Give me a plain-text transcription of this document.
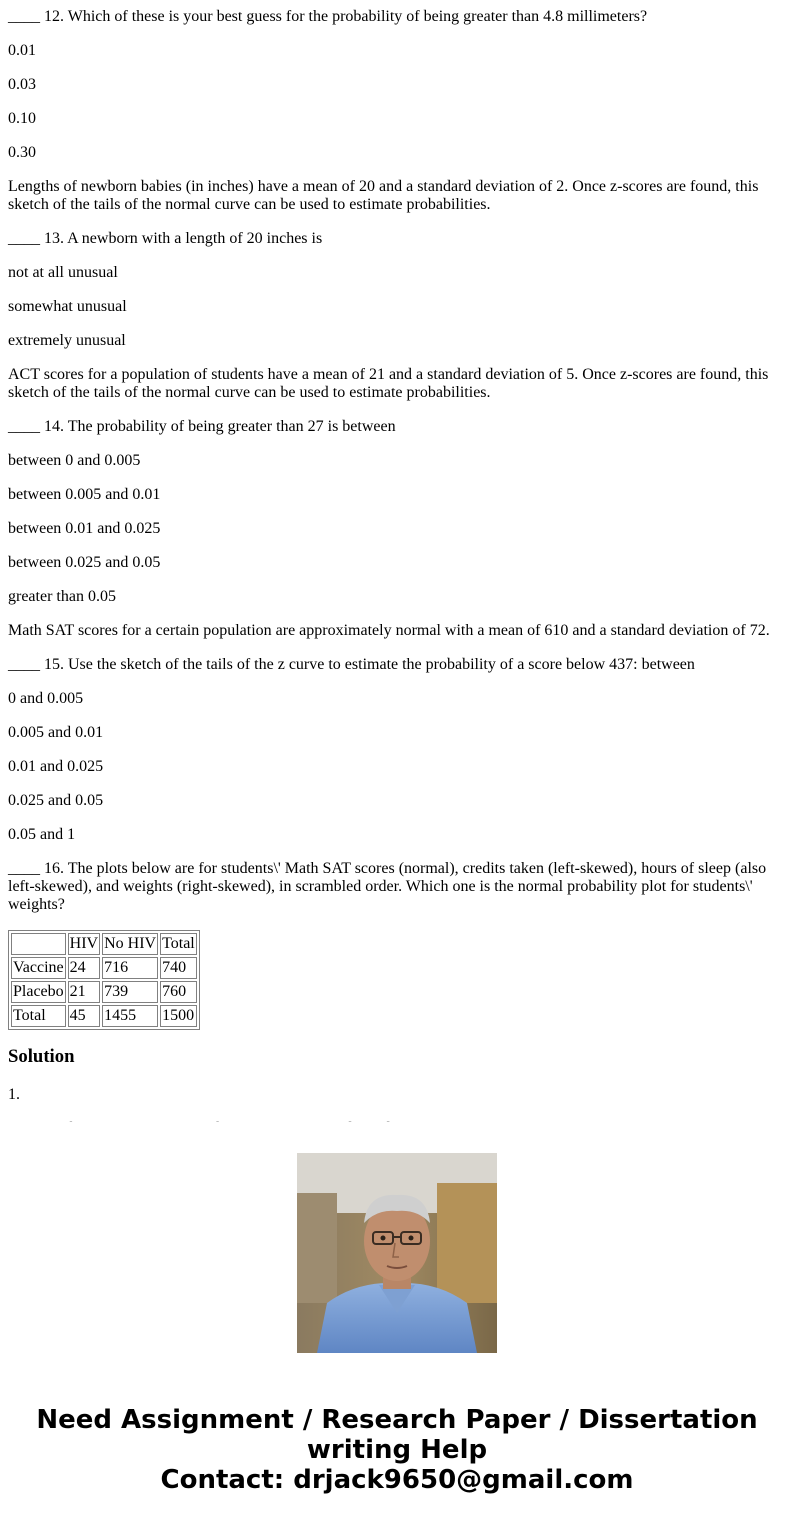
____ 12. Which of these is your best guess for the probability of being greater than 4.8 millimeters?

0.01

0.03

0.10

0.30

Lengths of newborn babies (in inches) have a mean of 20 and a standard deviation of 2. Once z-scores are found, this sketch of the tails of the normal curve can be used to estimate probabilities.

____ 13. A newborn with a length of 20 inches is

not at all unusual

somewhat unusual

extremely unusual

ACT scores for a population of students have a mean of 21 and a standard deviation of 5. Once z-scores are found, this sketch of the tails of the normal curve can be used to estimate probabilities.

____ 14. The probability of being greater than 27 is between

between 0 and 0.005

between 0.005 and 0.01

between 0.01 and 0.025

between 0.025 and 0.05

greater than 0.05

Math SAT scores for a certain population are approximately normal with a mean of 610 and a standard deviation of 72.

____ 15. Use the sketch of the tails of the z curve to estimate the probability of a score below 437: between

0 and 0.005

0.005 and 0.01

0.01 and 0.025

0.025 and 0.05

0.05 and 1

____ 16. The plots below are for students\' Math SAT scores (normal), credits taken (left-skewed), hours of sleep (also left-skewed), and weights (right-skewed), in scrambled order. Which one is the normal probability plot for students\' weights?

	HIV	No HIV	Total
Vaccine	24	716	740
Placebo	21	739	760
Total	45	1455	1500
Solution

1.

Need Assignment / Research Paper / Dissertation
writing Help
Contact: drjack9650@gmail.com
